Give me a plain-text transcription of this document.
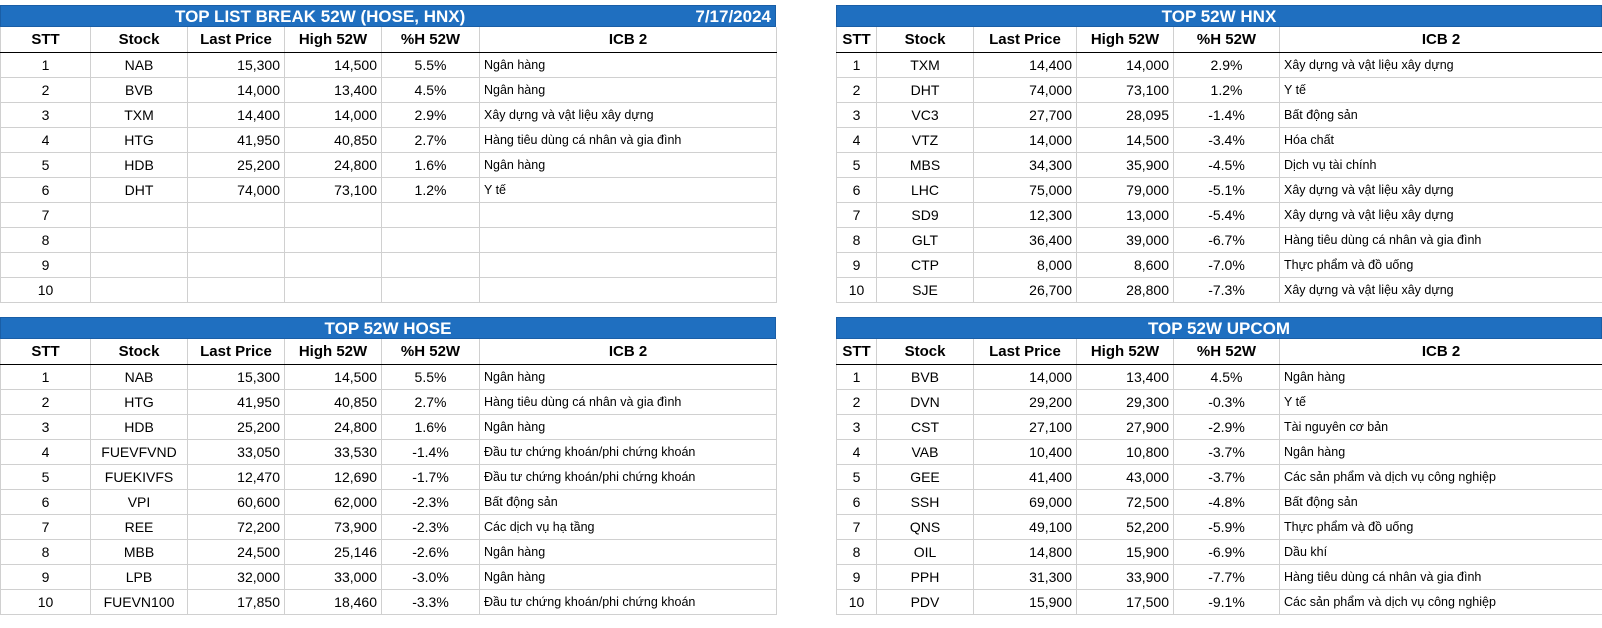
TOP LIST BREAK 52W (HOSE, HNX)	7/17/2024
STT	Stock	Last Price	High 52W	%H 52W	ICB 2
1	NAB	15,300	14,500	5.5%	Ngân hàng
2	BVB	14,000	13,400	4.5%	Ngân hàng
3	TXM	14,400	14,000	2.9%	Xây dựng và vật liệu xây dựng
4	HTG	41,950	40,850	2.7%	Hàng tiêu dùng cá nhân và gia đình
5	HDB	25,200	24,800	1.6%	Ngân hàng
6	DHT	74,000	73,100	1.2%	Y tế
7					
8					
9					
10					
TOP 52W HNX
STT	Stock	Last Price	High 52W	%H 52W	ICB 2
1	TXM	14,400	14,000	2.9%	Xây dựng và vật liệu xây dựng
2	DHT	74,000	73,100	1.2%	Y tế
3	VC3	27,700	28,095	-1.4%	Bất động sản
4	VTZ	14,000	14,500	-3.4%	Hóa chất
5	MBS	34,300	35,900	-4.5%	Dịch vụ tài chính
6	LHC	75,000	79,000	-5.1%	Xây dựng và vật liệu xây dựng
7	SD9	12,300	13,000	-5.4%	Xây dựng và vật liệu xây dựng
8	GLT	36,400	39,000	-6.7%	Hàng tiêu dùng cá nhân và gia đình
9	CTP	8,000	8,600	-7.0%	Thực phẩm và đồ uống
10	SJE	26,700	28,800	-7.3%	Xây dựng và vật liệu xây dựng
TOP 52W HOSE
STT	Stock	Last Price	High 52W	%H 52W	ICB 2
1	NAB	15,300	14,500	5.5%	Ngân hàng
2	HTG	41,950	40,850	2.7%	Hàng tiêu dùng cá nhân và gia đình
3	HDB	25,200	24,800	1.6%	Ngân hàng
4	FUEVFVND	33,050	33,530	-1.4%	Đầu tư chứng khoán/phi chứng khoán
5	FUEKIVFS	12,470	12,690	-1.7%	Đầu tư chứng khoán/phi chứng khoán
6	VPI	60,600	62,000	-2.3%	Bất động sản
7	REE	72,200	73,900	-2.3%	Các dịch vụ hạ tầng
8	MBB	24,500	25,146	-2.6%	Ngân hàng
9	LPB	32,000	33,000	-3.0%	Ngân hàng
10	FUEVN100	17,850	18,460	-3.3%	Đầu tư chứng khoán/phi chứng khoán
TOP 52W UPCOM
STT	Stock	Last Price	High 52W	%H 52W	ICB 2
1	BVB	14,000	13,400	4.5%	Ngân hàng
2	DVN	29,200	29,300	-0.3%	Y tế
3	CST	27,100	27,900	-2.9%	Tài nguyên cơ bản
4	VAB	10,400	10,800	-3.7%	Ngân hàng
5	GEE	41,400	43,000	-3.7%	Các sản phẩm và dịch vụ công nghiệp
6	SSH	69,000	72,500	-4.8%	Bất động sản
7	QNS	49,100	52,200	-5.9%	Thực phẩm và đồ uống
8	OIL	14,800	15,900	-6.9%	Dầu khí
9	PPH	31,300	33,900	-7.7%	Hàng tiêu dùng cá nhân và gia đình
10	PDV	15,900	17,500	-9.1%	Các sản phẩm và dịch vụ công nghiệp
